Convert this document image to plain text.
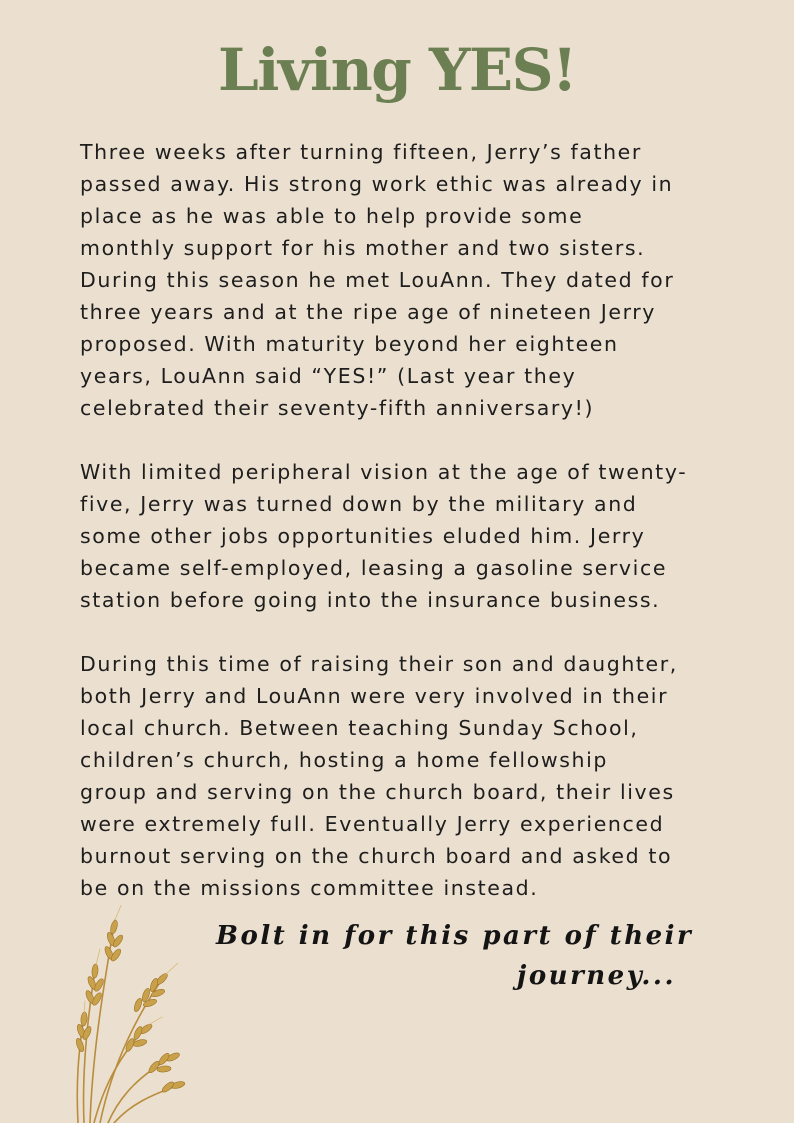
Living YES!

Three weeks after turning fifteen, Jerry’s father
passed away. His strong work ethic was already in
place as he was able to help provide some
monthly support for his mother and two sisters.
During this season he met LouAnn. They dated for
three years and at the ripe age of nineteen Jerry
proposed. With maturity beyond her eighteen
years, LouAnn said “YES!” (Last year they
celebrated their seventy-fifth anniversary!)

With limited peripheral vision at the age of twenty-
five, Jerry was turned down by the military and
some other jobs opportunities eluded him. Jerry
became self-employed, leasing a gasoline service
station before going into the insurance business.

During this time of raising their son and daughter,
both Jerry and LouAnn were very involved in their
local church. Between teaching Sunday School,
children’s church, hosting a home fellowship
group and serving on the church board, their lives
were extremely full. Eventually Jerry experienced
burnout serving on the church board and asked to
be on the missions committee instead.

Bolt in for this part of their
journey...
